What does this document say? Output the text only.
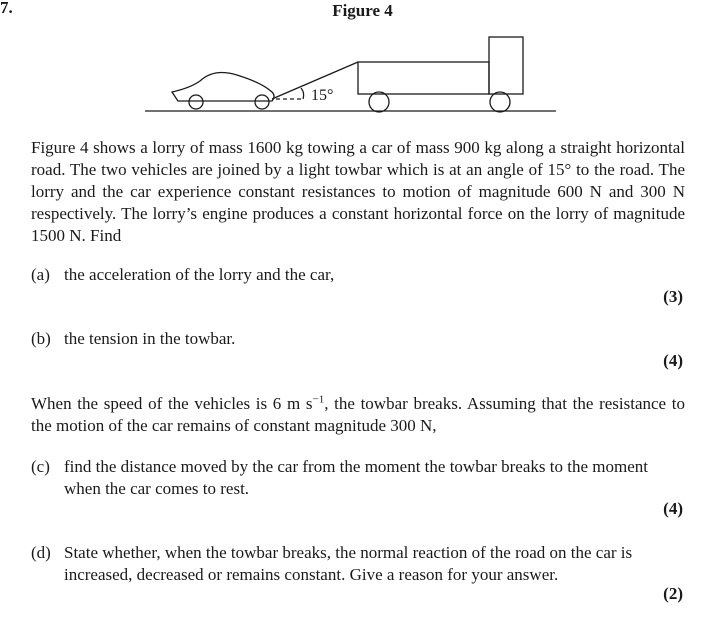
7.	Figure 4
15°
Figure 4 shows a lorry of mass 1600 kg towing a car of mass 900 kg along a straight horizontal road. The two vehicles are joined by a light towbar which is at an angle of 15° to the road. The lorry and the car experience constant resistances to motion of magnitude 600 N and 300 N respectively. The lorry’s engine produces a constant horizontal force on the lorry of magnitude 1500 N. Find
(a) the acceleration of the lorry and the car,
(3)
(b) the tension in the towbar.
(4)
When the speed of the vehicles is 6 m $s^{-1}$, the towbar breaks. Assuming that the resistance to the motion of the car remains of constant magnitude 300 N,
(c) find the distance moved by the car from the moment the towbar breaks to the moment when the car comes to rest.
(4)
(d) State whether, when the towbar breaks, the normal reaction of the road on the car is increased, decreased or remains constant. Give a reason for your answer.
(2)
